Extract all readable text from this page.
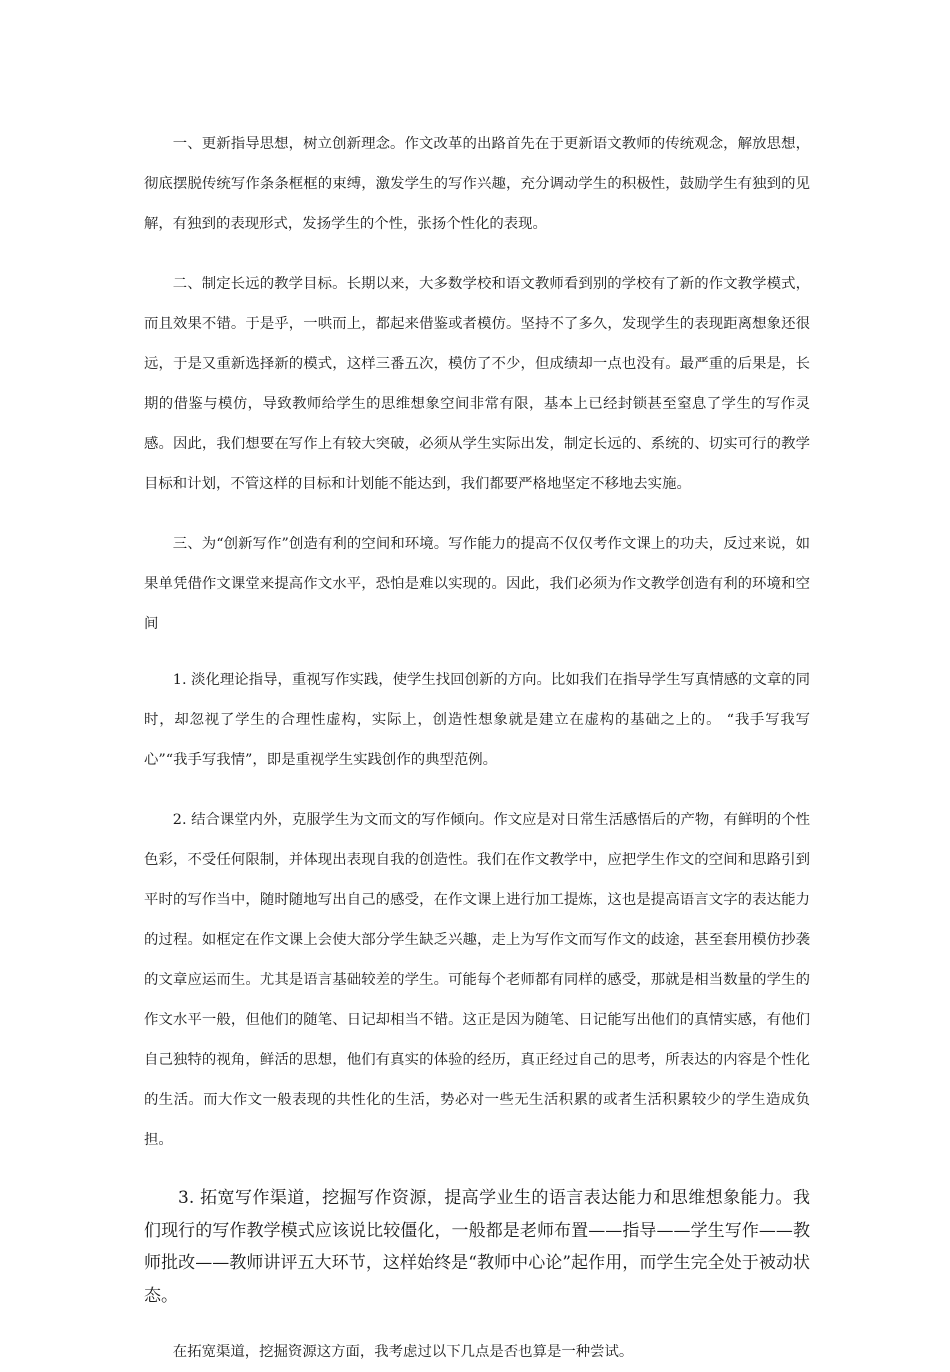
一、更新指导思想，树立创新理念。作文改革的出路首先在于更新语文教师的传统观念，解放思想，彻底摆脱传统写作条条框框的束缚，激发学生的写作兴趣，充分调动学生的积极性，鼓励学生有独到的见解，有独到的表现形式，发扬学生的个性，张扬个性化的表现。

二、制定长远的教学目标。长期以来，大多数学校和语文教师看到别的学校有了新的作文教学模式，而且效果不错。于是乎，一哄而上，都起来借鉴或者模仿。坚持不了多久，发现学生的表现距离想象还很远，于是又重新选择新的模式，这样三番五次，模仿了不少，但成绩却一点也没有。最严重的后果是，长期的借鉴与模仿，导致教师给学生的思维想象空间非常有限，基本上已经封锁甚至窒息了学生的写作灵感。因此，我们想要在写作上有较大突破，必须从学生实际出发，制定长远的、系统的、切实可行的教学目标和计划，不管这样的目标和计划能不能达到，我们都要严格地坚定不移地去实施。

三、为“创新写作”创造有利的空间和环境。写作能力的提高不仅仅考作文课上的功夫，反过来说，如果单凭借作文课堂来提高作文水平，恐怕是难以实现的。因此，我们必须为作文教学创造有利的环境和空间

1. 淡化理论指导，重视写作实践，使学生找回创新的方向。比如我们在指导学生写真情感的文章的同时，却忽视了学生的合理性虚构，实际上，创造性想象就是建立在虚构的基础之上的。 “我手写我写心”“我手写我情”，即是重视学生实践创作的典型范例。

2. 结合课堂内外，克服学生为文而文的写作倾向。作文应是对日常生活感悟后的产物，有鲜明的个性色彩，不受任何限制，并体现出表现自我的创造性。我们在作文教学中，应把学生作文的空间和思路引到平时的写作当中，随时随地写出自己的感受，在作文课上进行加工提炼，这也是提高语言文字的表达能力的过程。如框定在作文课上会使大部分学生缺乏兴趣，走上为写作文而写作文的歧途，甚至套用模仿抄袭的文章应运而生。尤其是语言基础较差的学生。可能每个老师都有同样的感受，那就是相当数量的学生的作文水平一般，但他们的随笔、日记却相当不错。这正是因为随笔、日记能写出他们的真情实感，有他们自己独特的视角，鲜活的思想，他们有真实的体验的经历，真正经过自己的思考，所表达的内容是个性化的生活。而大作文一般表现的共性化的生活，势必对一些无生活积累的或者生活积累较少的学生造成负担。

3. 拓宽写作渠道，挖掘写作资源，提高学业生的语言表达能力和思维想象能力。我们现行的写作教学模式应该说比较僵化，一般都是老师布置——指导——学生写作——教师批改——教师讲评五大环节，这样始终是“教师中心论”起作用，而学生完全处于被动状态。

在拓宽渠道，挖掘资源这方面，我考虑过以下几点是否也算是一种尝试。
